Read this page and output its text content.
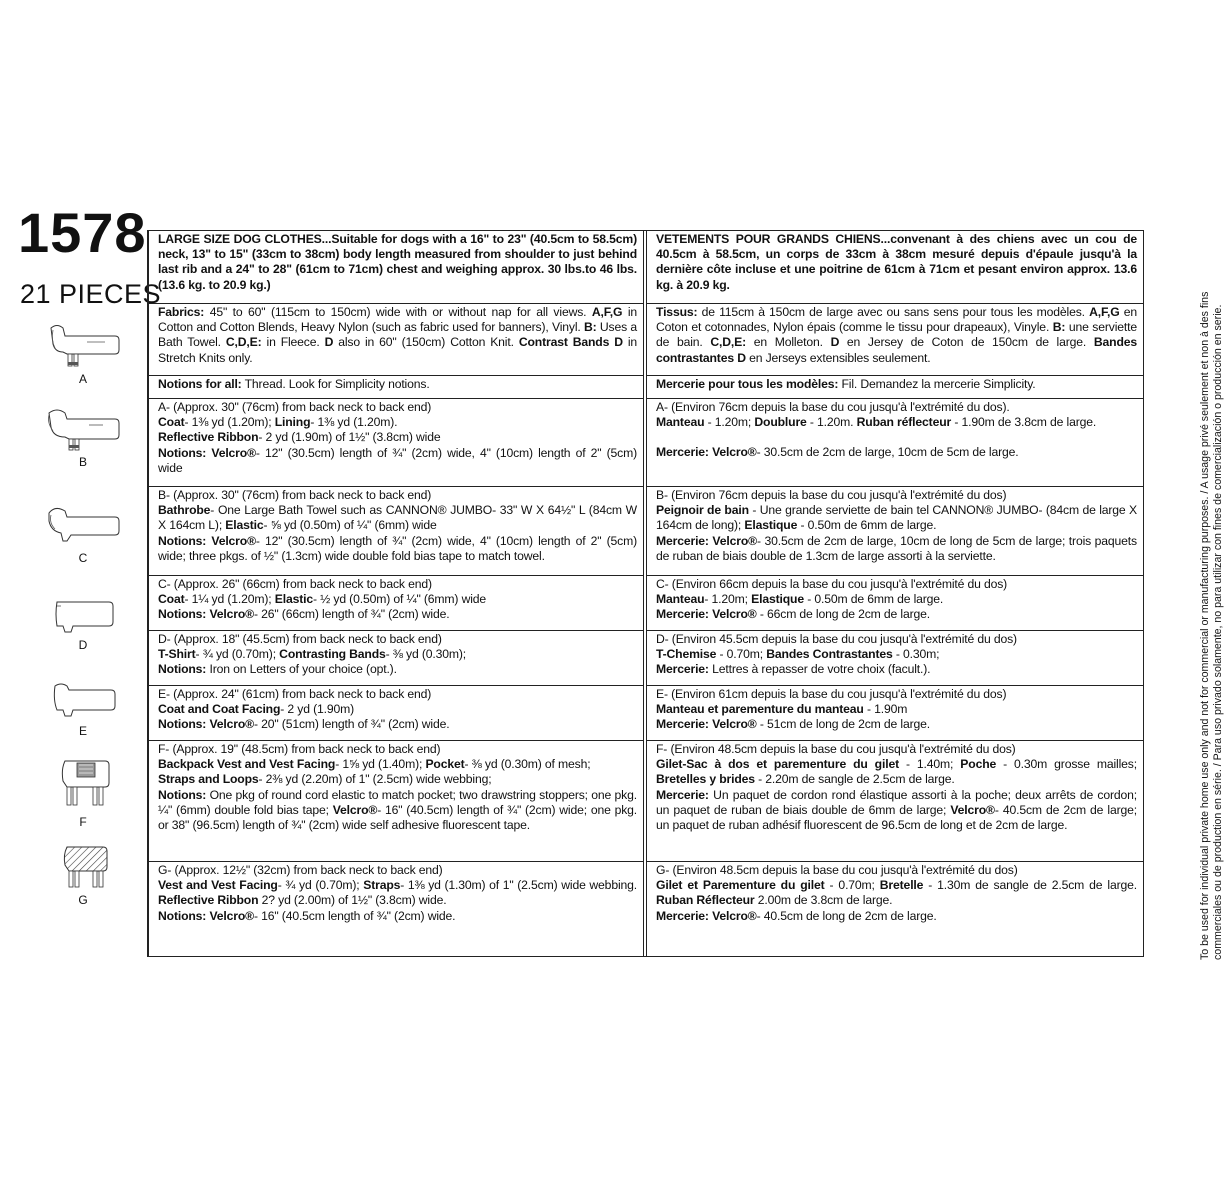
1578
21 PIECES
A
B
C
D
E
F
G

LARGE SIZE DOG CLOTHES...Suitable for dogs with a 16" to 23" (40.5cm to 58.5cm) neck, 13" to 15" (33cm to 38cm) body length measured from shoulder to just behind last rib and a 24" to 28" (61cm to 71cm) chest and weighing approx. 30 lbs.to 46 lbs. (13.6 kg. to 20.9 kg.)

Fabrics: 45" to 60" (115cm to 150cm) wide with or without nap for all views. A,F,G in Cotton and Cotton Blends, Heavy Nylon (such as fabric used for banners), Vinyl. B: Uses a Bath Towel. C,D,E: in Fleece. D also in 60" (150cm) Cotton Knit. Contrast Bands D in Stretch Knits only.

Notions for all: Thread. Look for Simplicity notions.

A- (Approx. 30" (76cm) from back neck to back end)

Coat- 1⅜ yd (1.20m); Lining- 1⅜ yd (1.20m).

Reflective Ribbon- 2 yd (1.90m) of 1½" (3.8cm) wide

Notions: Velcro®- 12" (30.5cm) length of ¾" (2cm) wide, 4" (10cm) length of 2" (5cm) wide

B- (Approx. 30" (76cm) from back neck to back end)

Bathrobe- One Large Bath Towel such as CANNON® JUMBO- 33" W X 64½" L (84cm W X 164cm L); Elastic- ⅝ yd (0.50m) of ¼" (6mm) wide

Notions: Velcro®- 12" (30.5cm) length of ¾" (2cm) wide, 4" (10cm) length of 2" (5cm) wide; three pkgs. of ½" (1.3cm) wide double fold bias tape to match towel.

C- (Approx. 26" (66cm) from back neck to back end)

Coat- 1¼ yd (1.20m); Elastic- ½ yd (0.50m) of ¼" (6mm) wide

Notions: Velcro®- 26" (66cm) length of ¾" (2cm) wide.

D- (Approx. 18" (45.5cm) from back neck to back end)

T-Shirt- ¾ yd (0.70m); Contrasting Bands- ⅜ yd (0.30m);

Notions: Iron on Letters of your choice (opt.).

E- (Approx. 24" (61cm) from back neck to back end)

Coat and Coat Facing- 2 yd (1.90m)

Notions: Velcro®- 20" (51cm) length of ¾" (2cm) wide.

F- (Approx. 19" (48.5cm) from back neck to back end)

Backpack Vest and Vest Facing- 1⅝ yd (1.40m); Pocket- ⅜ yd (0.30m) of mesh;

Straps and Loops- 2⅜ yd (2.20m) of 1" (2.5cm) wide webbing;

Notions: One pkg of round cord elastic to match pocket; two drawstring stoppers; one pkg. ¼" (6mm) double fold bias tape; Velcro®- 16" (40.5cm) length of ¾" (2cm) wide; one pkg. or 38" (96.5cm) length of ¾" (2cm) wide self adhesive fluorescent tape.

G- (Approx. 12½" (32cm) from back neck to back end)

Vest and Vest Facing- ¾ yd (0.70m); Straps- 1⅜ yd (1.30m) of 1" (2.5cm) wide webbing. Reflective Ribbon 2? yd (2.00m) of 1½" (3.8cm) wide.

Notions: Velcro®- 16" (40.5cm length of ¾" (2cm) wide.

VETEMENTS POUR GRANDS CHIENS...convenant à des chiens avec un cou de 40.5cm à 58.5cm, un corps de 33cm à 38cm mesuré depuis d'épaule jusqu'à la dernière côte incluse et une poitrine de 61cm à 71cm et pesant environ approx. 13.6 kg. à 20.9 kg.

Tissus: de 115cm à 150cm de large avec ou sans sens pour tous les modèles. A,F,G en Coton et cotonnades, Nylon épais (comme le tissu pour drapeaux), Vinyle. B: une serviette de bain. C,D,E: en Molleton. D en Jersey de Coton de 150cm de large. Bandes contrastantes D en Jerseys extensibles seulement.

Mercerie pour tous les modèles: Fil. Demandez la mercerie Simplicity.

A- (Environ 76cm depuis la base du cou jusqu'à l'extrémité du dos).

Manteau - 1.20m; Doublure - 1.20m. Ruban réflecteur - 1.90m de 3.8cm de large.

Mercerie: Velcro®- 30.5cm de 2cm de large, 10cm de 5cm de large.

B- (Environ 76cm depuis la base du cou jusqu'à l'extrémité du dos)

Peignoir de bain - Une grande serviette de bain tel CANNON® JUMBO- (84cm de large X 164cm de long); Elastique - 0.50m de 6mm de large.

Mercerie: Velcro®- 30.5cm de 2cm de large, 10cm de long de 5cm de large; trois paquets de ruban de biais double de 1.3cm de large assorti à la serviette.

C- (Environ 66cm depuis la base du cou jusqu'à l'extrémité du dos)

Manteau- 1.20m; Elastique - 0.50m de 6mm de large.

Mercerie: Velcro® - 66cm de long de 2cm de large.

D- (Environ 45.5cm depuis la base du cou jusqu'à l'extrémité du dos)

T-Chemise - 0.70m; Bandes Contrastantes - 0.30m;

Mercerie: Lettres à repasser de votre choix (facult.).

E- (Environ 61cm depuis la base du cou jusqu'à l'extrémité du dos)

Manteau et parementure du manteau - 1.90m

Mercerie: Velcro® - 51cm de long de 2cm de large.

F- (Environ 48.5cm depuis la base du cou jusqu'à l'extrémité du dos)

Gilet-Sac à dos et parementure du gilet - 1.40m; Poche - 0.30m grosse mailles; Bretelles y brides - 2.20m de sangle de 2.5cm de large.

Mercerie: Un paquet de cordon rond élastique assorti à la poche; deux arrêts de cordon; un paquet de ruban de biais double de 6mm de large; Velcro®- 40.5cm de 2cm de large; un paquet de ruban adhésif fluorescent de 96.5cm de long et de 2cm de large.

G- (Environ 48.5cm depuis la base du cou jusqu'à l'extrémité du dos)

Gilet et Parementure du gilet - 0.70m; Bretelle - 1.30m de sangle de 2.5cm de large. Ruban Réflecteur 2.00m de 3.8cm de large.

Mercerie: Velcro®- 40.5cm de long de 2cm de large.	To be used for individual private home use only and not for commercial or manufacturing purposes. / A usage privé seulement et non à des fins commerciales ou de production en série. / Para uso privado solamente, no para utilizar con fines de comercialización o producción en serie.
